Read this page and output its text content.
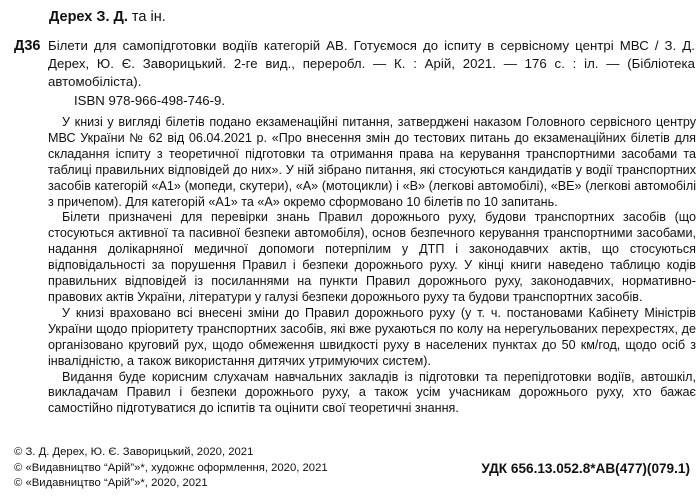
Дерех З. Д. та ін.
Д36 Білети для самопідготовки водіїв категорій АВ. Готуємося до іспиту в сервісному центрі МВС / З. Д. Дерех, Ю. Є. Заворицький. 2-ге вид., переробл. — К. : Арій, 2021. — 176 с. : іл. — (Бібліотека автомобіліста).
ISBN 978-966-498-746-9.

У книзі у вигляді білетів подано екзаменаційні питання, затверджені наказом Головного сервісного центру МВС України № 62 від 06.04.2021 р. «Про внесення змін до тестових питань до екзаменаційних білетів для складання іспиту з теоретичної підготовки та отримання права на керування транспортними засобами та таблиці правильних відповідей до них». У ній зібрано питання, які стосуються кандидатів у водії транспортних засобів категорій «А1» (мопеди, скутери), «А» (мотоцикли) і «В» (легкові автомобілі), «ВЕ» (легкові автомобілі з причепом). Для категорій «А1» та «А» окремо сформовано 10 білетів по 10 запитань.

Білети призначені для перевірки знань Правил дорожнього руху, будови транспортних засобів (що стосуються активної та пасивної безпеки автомобіля), основ безпечного керування транспортними засобами, надання долікарняної медичної допомоги потерпілим у ДТП і законодавчих актів, що стосуються відповідальності за порушення Правил і безпеки дорожнього руху. У кінці книги наведено таблицю кодів правильних відповідей із посиланнями на пункти Правил дорожнього руху, законодавчих, нормативно-правових актів України, літератури у галузі безпеки дорожнього руху та будови транспортних засобів.

У книзі враховано всі внесені зміни до Правил дорожнього руху (у т. ч. постановами Кабінету Міністрів України щодо пріоритету транспортних засобів, які вже рухаються по колу на нерегульованих перехрестях, де організовано круговий рух, щодо обмеження швидкості руху в населених пунктах до 50 км/год, щодо осіб з інвалідністю, а також використання дитячих утримуючих систем).

Видання буде корисним слухачам навчальних закладів із підготовки та перепідготовки водіїв, автошкіл, викладачам Правил і безпеки дорожнього руху, а також усім учасникам дорожнього руху, хто бажає самостійно підготуватися до іспитів та оцінити свої теоретичні знання.

© З. Д. Дерех, Ю. Є. Заворицький, 2020, 2021
© «Видавництво “Арій”»*, художнє оформлення, 2020, 2021
© «Видавництво “Арій”»*, 2020, 2021
УДК 656.13.052.8*АВ(477)(079.1)
